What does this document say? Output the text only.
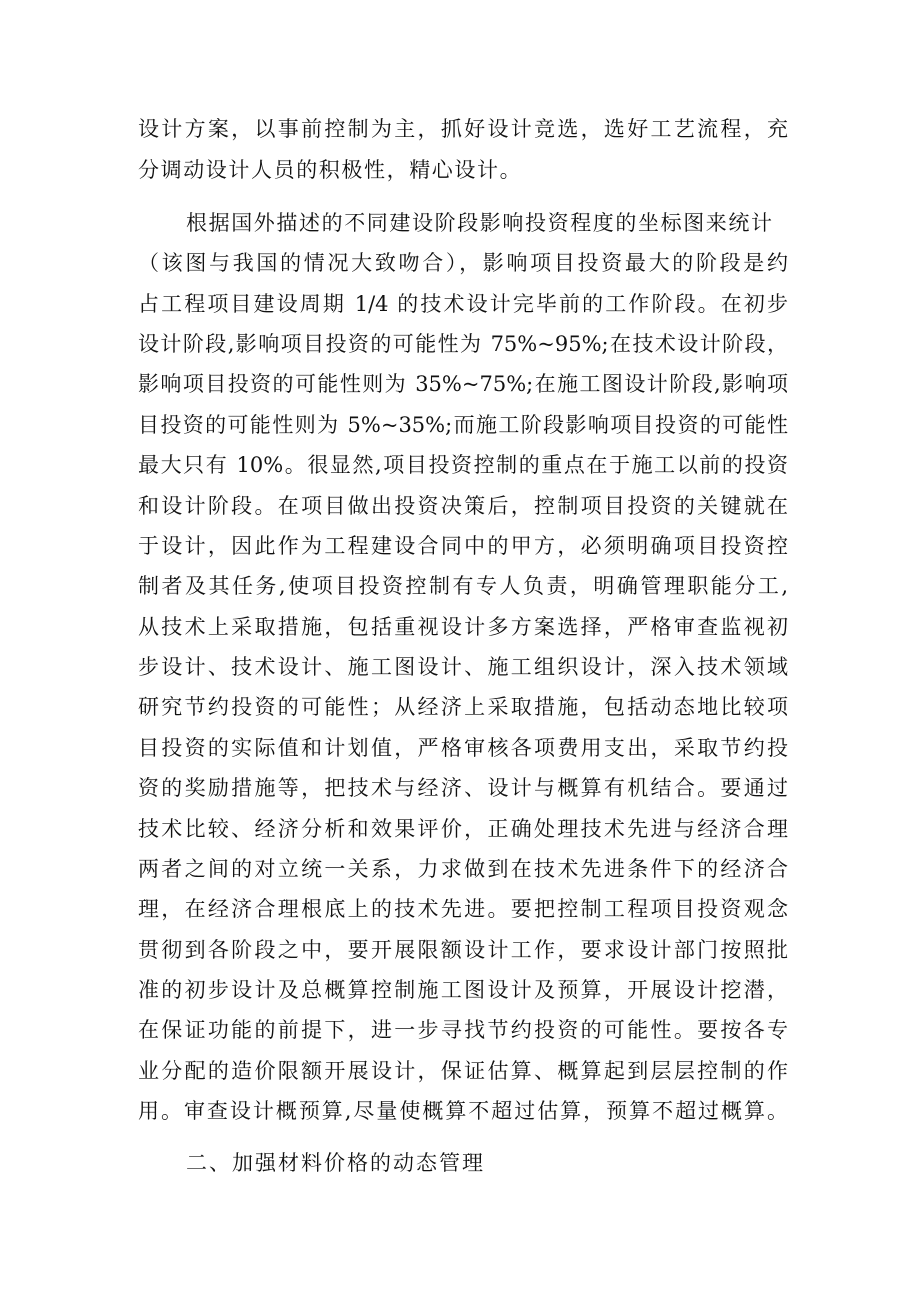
设计方案，以事前控制为主，抓好设计竞选，选好工艺流程，充
分调动设计人员的积极性，精心设计。
根据国外描述的不同建设阶段影响投资程度的坐标图来统计
（该图与我国的情况大致吻合），影响项目投资最大的阶段是约
占工程项目建设周期 1/4 的技术设计完毕前的工作阶段。在初步
设计阶段,影响项目投资的可能性为 75%~95%;在技术设计阶段，
影响项目投资的可能性则为 35%~75%;在施工图设计阶段,影响项
目投资的可能性则为 5%~35%;而施工阶段影响项目投资的可能性
最大只有 10%。很显然,项目投资控制的重点在于施工以前的投资
和设计阶段。在项目做出投资决策后，控制项目投资的关键就在
于设计，因此作为工程建设合同中的甲方，必须明确项目投资控
制者及其任务,使项目投资控制有专人负责，明确管理职能分工,
从技术上采取措施，包括重视设计多方案选择，严格审查监视初
步设计、技术设计、施工图设计、施工组织设计，深入技术领域
研究节约投资的可能性；从经济上采取措施，包括动态地比较项
目投资的实际值和计划值，严格审核各项费用支出，采取节约投
资的奖励措施等，把技术与经济、设计与概算有机结合。要通过
技术比较、经济分析和效果评价，正确处理技术先进与经济合理
两者之间的对立统一关系，力求做到在技术先进条件下的经济合
理，在经济合理根底上的技术先进。要把控制工程项目投资观念
贯彻到各阶段之中，要开展限额设计工作，要求设计部门按照批
准的初步设计及总概算控制施工图设计及预算，开展设计挖潜，
在保证功能的前提下，进一步寻找节约投资的可能性。要按各专
业分配的造价限额开展设计，保证估算、概算起到层层控制的作
用。审查设计概预算,尽量使概算不超过估算，预算不超过概算。
二、加强材料价格的动态管理
